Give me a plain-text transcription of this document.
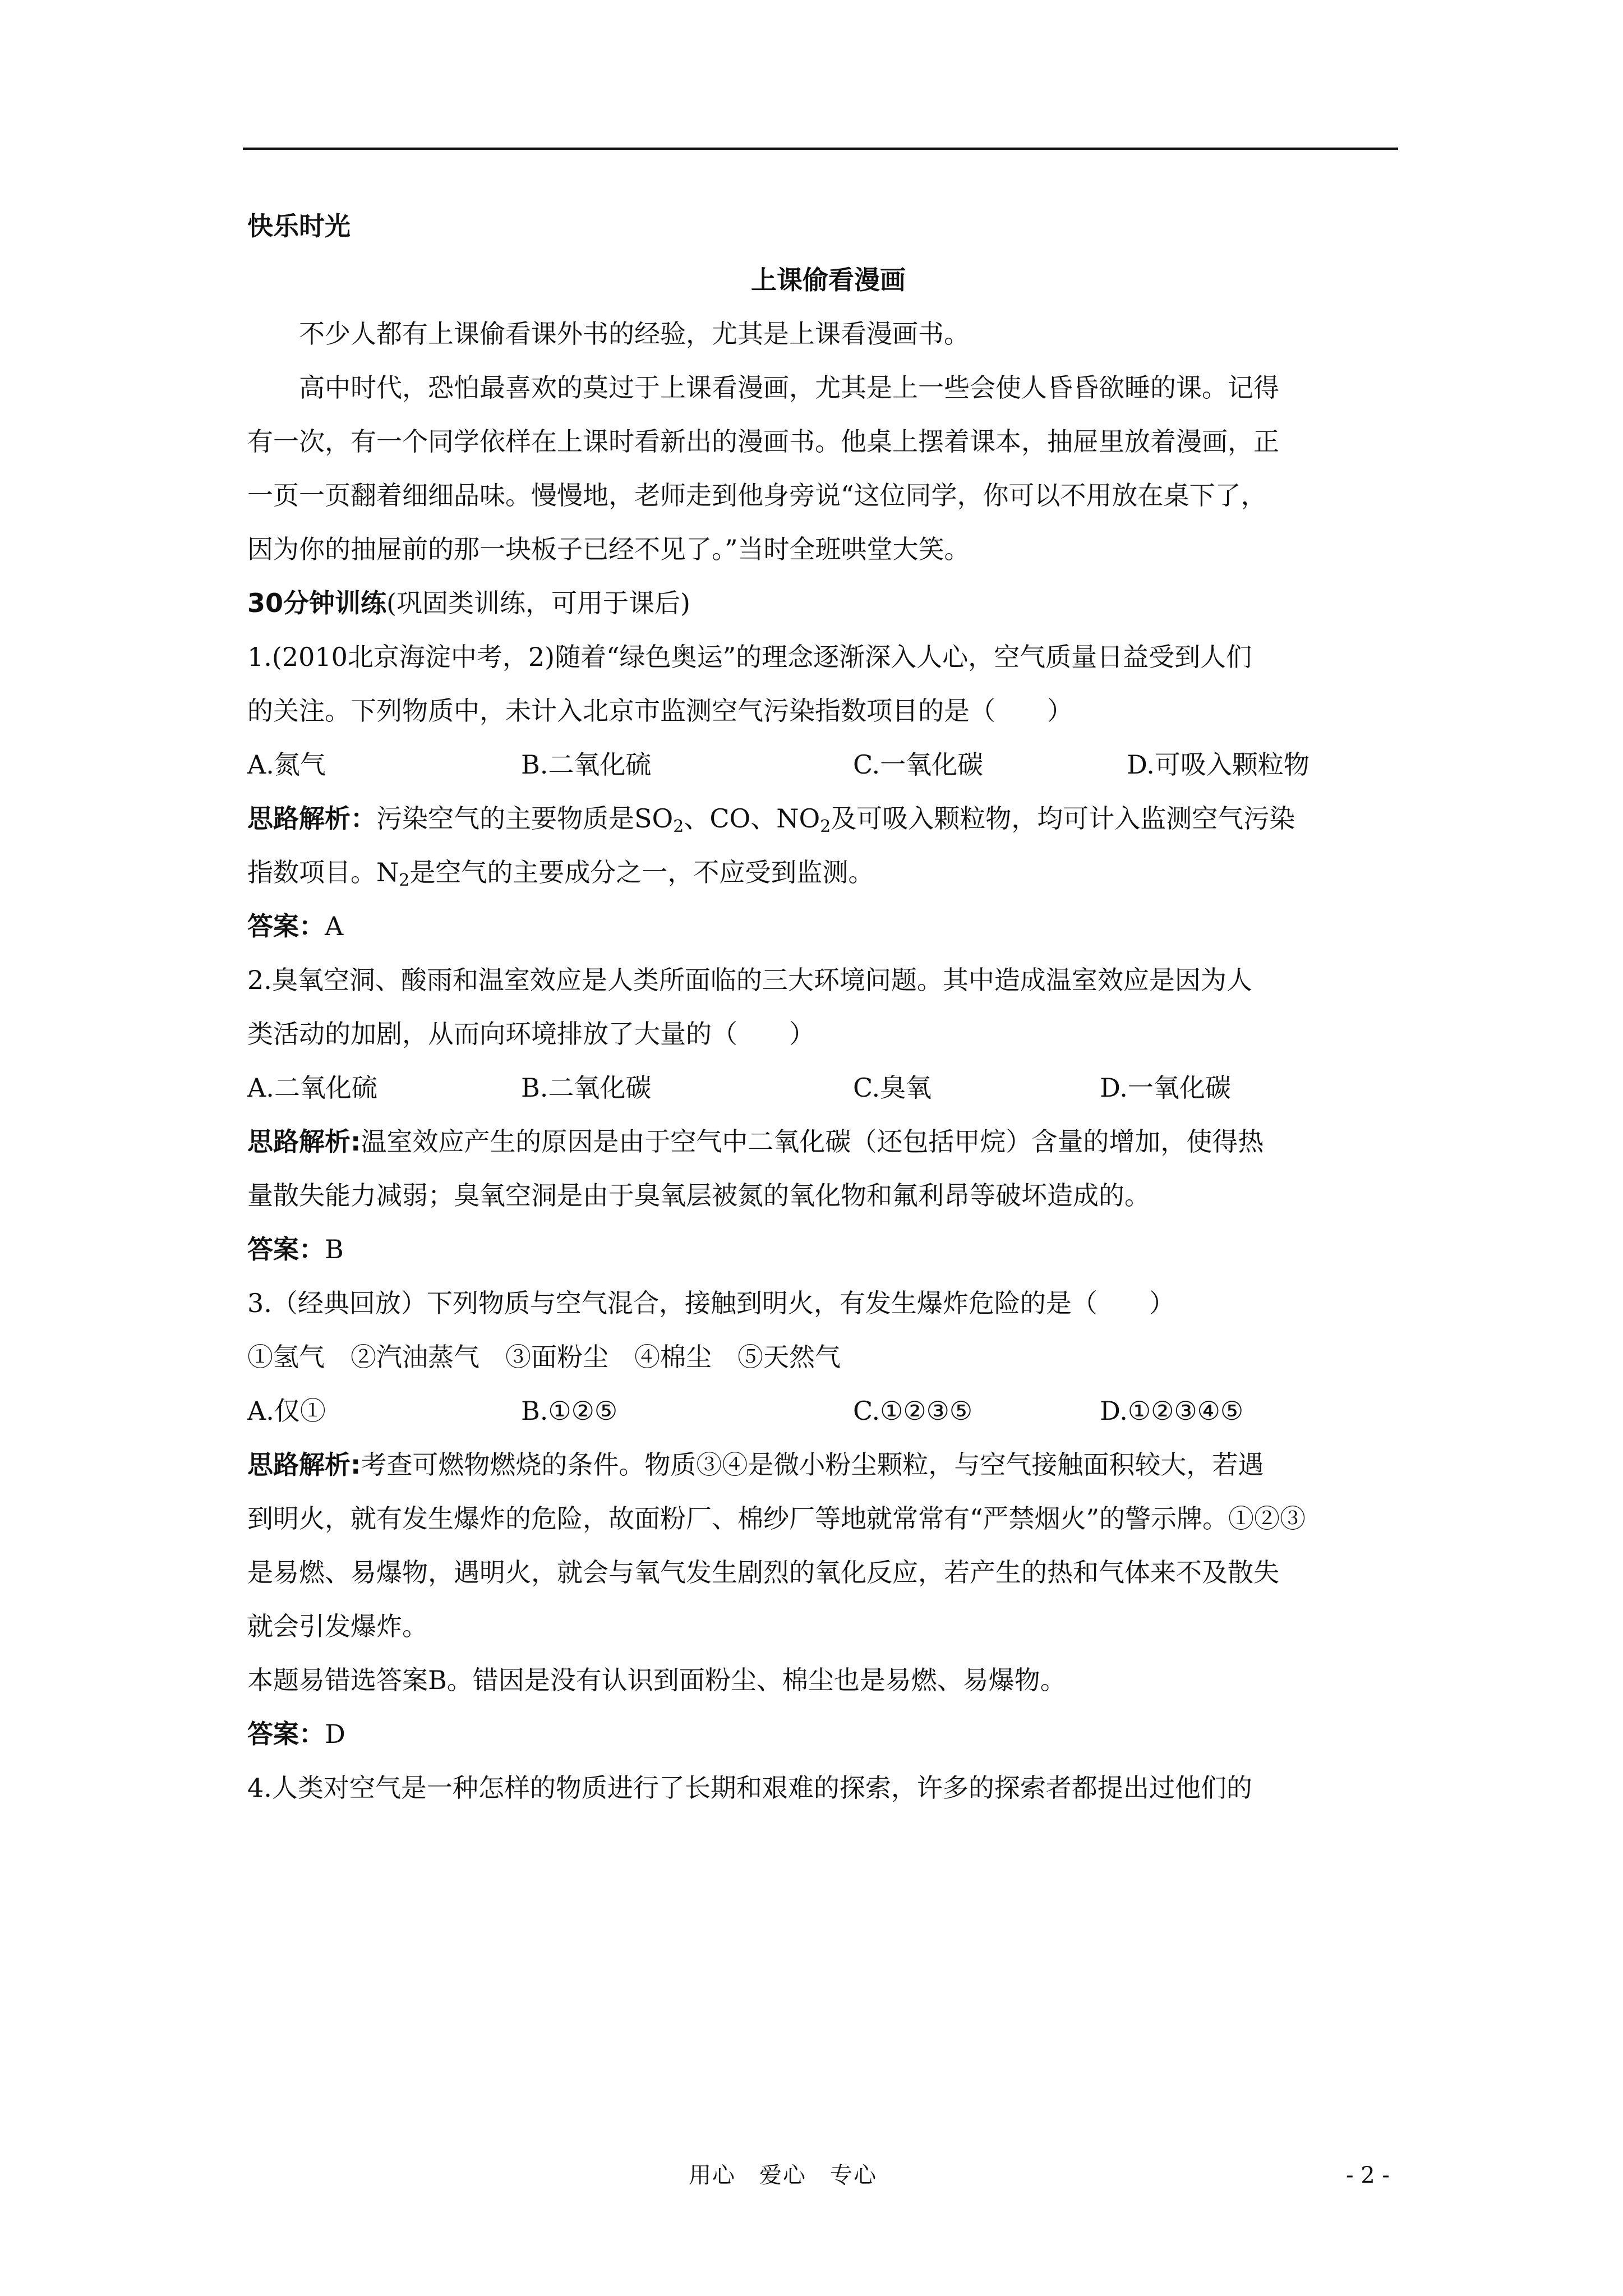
快乐时光
上课偷看漫画
不少人都有上课偷看课外书的经验，尤其是上课看漫画书。
高中时代，恐怕最喜欢的莫过于上课看漫画，尤其是上一些会使人昏昏欲睡的课。记得
有一次，有一个同学依样在上课时看新出的漫画书。他桌上摆着课本，抽屉里放着漫画，正
一页一页翻着细细品味。慢慢地，老师走到他身旁说“这位同学，你可以不用放在桌下了，
因为你的抽屉前的那一块板子已经不见了。”当时全班哄堂大笑。
30分钟训练(巩固类训练，可用于课后)
1.(2010北京海淀中考，2)随着“绿色奥运”的理念逐渐深入人心，空气质量日益受到人们
的关注。下列物质中，未计入北京市监测空气污染指数项目的是（　　）
A.氮气	B.二氧化硫	C.一氧化碳	D.可吸入颗粒物
思路解析：污染空气的主要物质是$SO_2$、CO、$NO_2$及可吸入颗粒物，均可计入监测空气污染
指数项目。$N_2$是空气的主要成分之一，不应受到监测。
答案：A
2.臭氧空洞、酸雨和温室效应是人类所面临的三大环境问题。其中造成温室效应是因为人
类活动的加剧，从而向环境排放了大量的（　　）
A.二氧化硫	B.二氧化碳	C.臭氧	D.一氧化碳
思路解析:温室效应产生的原因是由于空气中二氧化碳（还包括甲烷）含量的增加，使得热
量散失能力减弱；臭氧空洞是由于臭氧层被氮的氧化物和氟利昂等破坏造成的。
答案：B
3.（经典回放）下列物质与空气混合，接触到明火，有发生爆炸危险的是（　　）
①氢气　②汽油蒸气　③面粉尘　④棉尘　⑤天然气
A.仅①	B.①②⑤	C.①②③⑤	D.①②③④⑤
思路解析:考查可燃物燃烧的条件。物质③④是微小粉尘颗粒，与空气接触面积较大，若遇
到明火，就有发生爆炸的危险，故面粉厂、棉纱厂等地就常常有“严禁烟火”的警示牌。①②③
是易燃、易爆物，遇明火，就会与氧气发生剧烈的氧化反应，若产生的热和气体来不及散失
就会引发爆炸。
本题易错选答案B。错因是没有认识到面粉尘、棉尘也是易燃、易爆物。
答案：D
4.人类对空气是一种怎样的物质进行了长期和艰难的探索，许多的探索者都提出过他们的
用心　爱心　专心	- 2 -
